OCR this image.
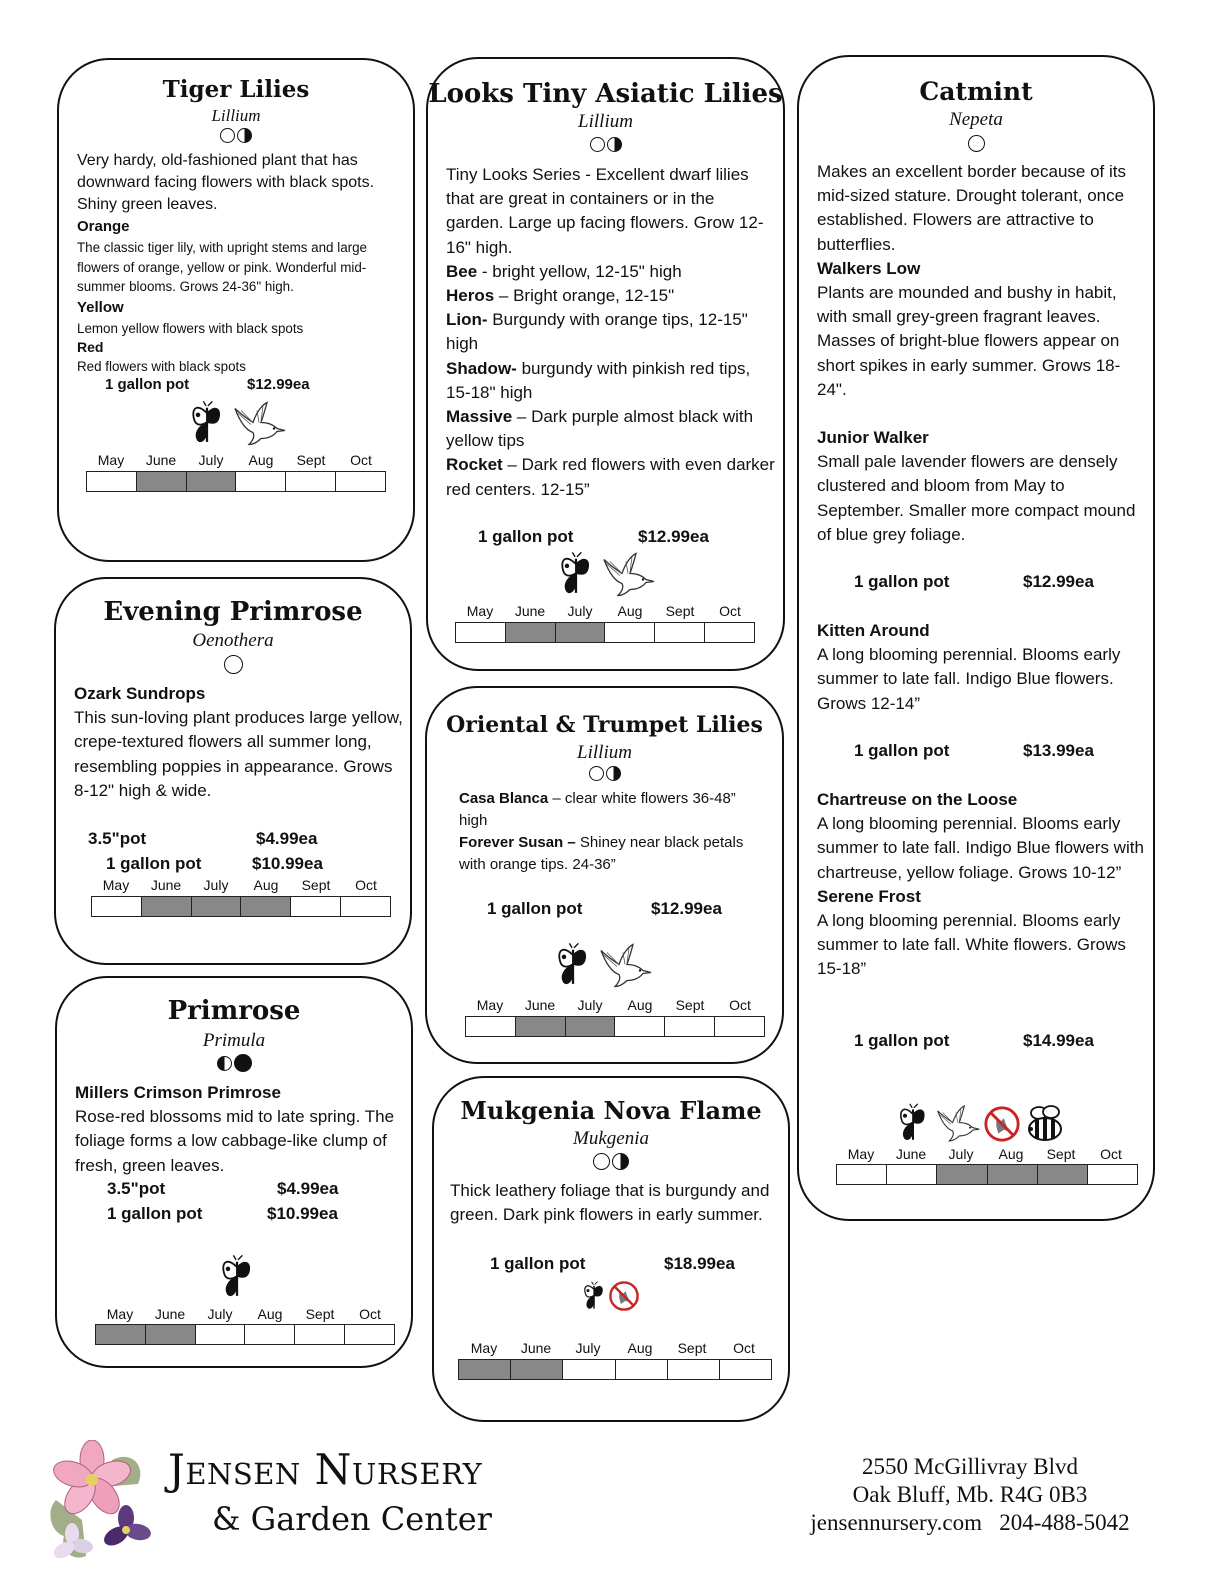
Tiger Lilies
Lillium

Very hardy, old-fashioned plant that has downward facing flowers with black spots. Shiny green leaves.

Orange

The classic tiger lily, with upright stems and large flowers of orange, yellow or pink. Wonderful mid-summer blooms. Grows 24-36" high.

Yellow

Lemon yellow flowers with black spots

Red

Red flowers with black spots

1 gallon pot	$12.99ea
May	June	July	Aug	Sept	Oct
Looks Tiny Asiatic Lilies
Lillium

Tiny Looks Series - Excellent dwarf lilies that are great in containers or in the garden. Large up facing flowers. Grow 12-16" high.

Bee - bright yellow, 12-15" high

Heros – Bright orange, 12-15"

Lion- Burgundy with orange tips, 12-15" high

Shadow- burgundy with pinkish red tips, 15-18" high

Massive – Dark purple almost black with yellow tips

Rocket – Dark red flowers with even darker red centers. 12-15”

1 gallon pot	$12.99ea
May	June	July	Aug	Sept	Oct
Catmint
Nepeta

Makes an excellent border because of its mid-sized stature. Drought tolerant, once established. Flowers are attractive to butterflies.

Walkers Low

Plants are mounded and bushy in habit, with small grey-green fragrant leaves. Masses of bright-blue flowers appear on short spikes in early summer. Grows 18-24".

Junior Walker

Small pale lavender flowers are densely clustered and bloom from May to September. Smaller more compact mound of blue grey foliage.

1 gallon pot	$12.99ea

Kitten Around

A long blooming perennial. Blooms early summer to late fall. Indigo Blue flowers. Grows 12-14”

1 gallon pot	$13.99ea

Chartreuse on the Loose

A long blooming perennial. Blooms early summer to late fall. Indigo Blue flowers with chartreuse, yellow foliage. Grows 10-12”

Serene Frost

A long blooming perennial. Blooms early summer to late fall. White flowers. Grows 15-18”

1 gallon pot	$14.99ea
May	June	July	Aug	Sept	Oct
Evening Primrose
Oenothera

Ozark Sundrops

This sun-loving plant produces large yellow, crepe-textured flowers all summer long, resembling poppies in appearance. Grows 8-12" high & wide.

3.5"pot	$4.99ea
1 gallon pot	$10.99ea
May	June	July	Aug	Sept	Oct
Oriental & Trumpet Lilies
Lillium

Casa Blanca – clear white flowers 36-48” high

Forever Susan – Shiney near black petals with orange tips. 24-36”

1 gallon pot	$12.99ea
May	June	July	Aug	Sept	Oct
Primrose
Primula

Millers Crimson Primrose

Rose-red blossoms mid to late spring. The foliage forms a low cabbage-like clump of fresh, green leaves.

3.5"pot	$4.99ea
1 gallon pot	$10.99ea
May	June	July	Aug	Sept	Oct
Mukgenia Nova Flame
Mukgenia

Thick leathery foliage that is burgundy and green. Dark pink flowers in early summer.

1 gallon pot	$18.99ea
May	June	July	Aug	Sept	Oct
Jensen Nursery
& Garden Center
2550 McGillivray Blvd
Oak Bluff, Mb. R4G 0B3
jensennursery.com 204-488-5042
